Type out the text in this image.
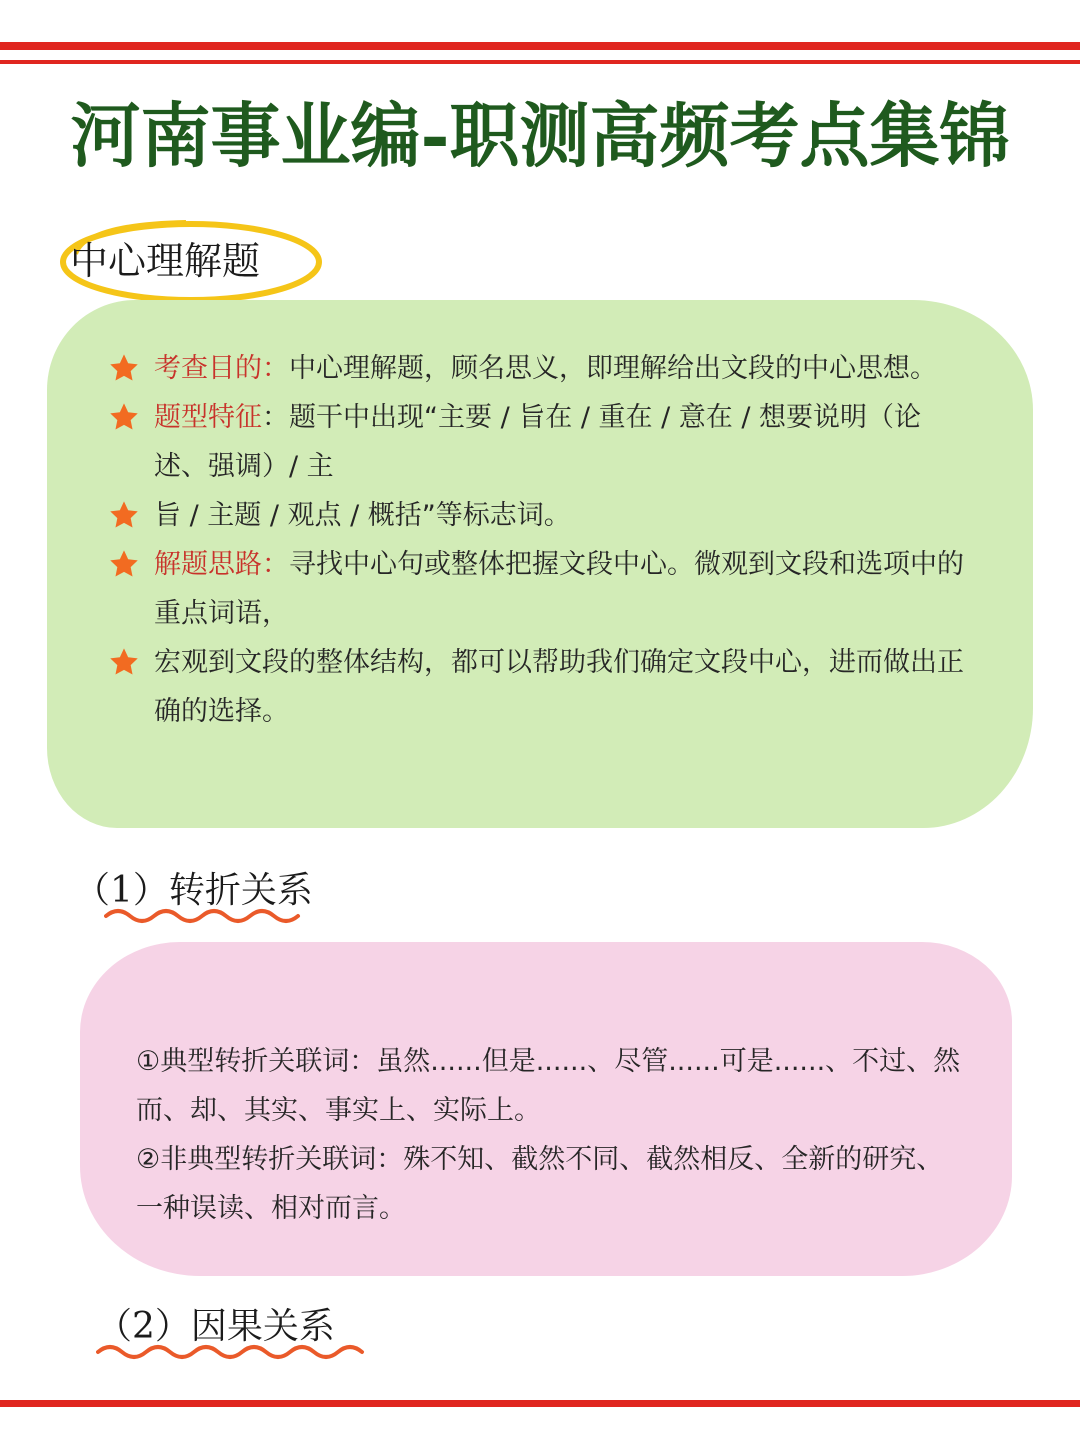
河南事业编-职测高频考点集锦
中心理解题
考查目的：中心理解题，顾名思义，即理解给出文段的中心思想。
题型特征：题干中出现“主要 / 旨在 / 重在 / 意在 / 想要说明（论述、强调）/ 主
旨 / 主题 / 观点 / 概括”等标志词。
解题思路：寻找中心句或整体把握文段中心。微观到文段和选项中的重点词语，
宏观到文段的整体结构，都可以帮助我们确定文段中心，进而做出正确的选择。
（1）转折关系

①典型转折关联词：虽然......但是......、尽管......可是......、不过、然而、却、其实、事实上、实际上。

②非典型转折关联词：殊不知、截然不同、截然相反、全新的研究、一种误读、相对而言。

（2）因果关系
